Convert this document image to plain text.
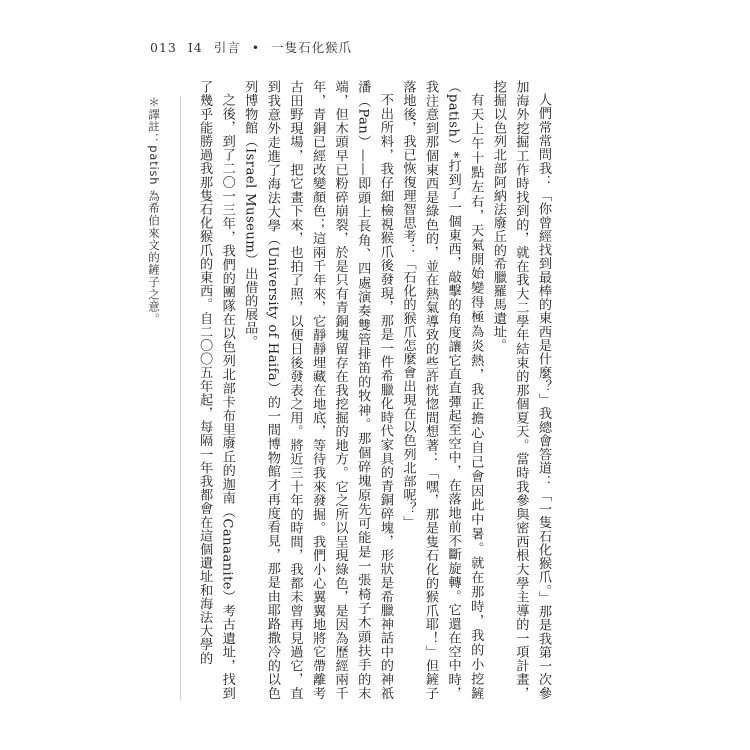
013 I4 引言 • 一隻石化猴爪

人們常常問我：「你曾經找到最棒的東西是什麼？」我總會答道：「一隻石化猴爪。」那是我第一次參加海外挖掘工作時找到的，就在我大二學年結束的那個夏天。當時我參與密西根大學主導的一項計畫，挖掘以色列北部阿納法廢丘的希臘羅馬遺址。

有天上午十點左右，天氣開始變得極為炎熱，我正擔心自己會因此中暑。就在那時，我的小挖鏟（patish）*打到了一個東西，敲擊的角度讓它直直彈起至空中，在落地前不斷旋轉。它還在空中時，我注意到那個東西是綠色的，並在熱氣導致的些許恍惚間想著：「嘿，那是隻石化的猴爪耶！」但鏟子落地後，我已恢復理智思考：「石化的猴爪怎麼會出現在以色列北部呢？」

不出所料，我仔細檢視猴爪後發現，那是一件希臘化時代家具的青銅碎塊，形狀是希臘神話中的神祇潘（Pan）——即頭上長角、四處演奏雙管排笛的牧神。那個碎塊原先可能是一張椅子木頭扶手的末端，但木頭早已粉碎崩裂，於是只有青銅塊留存在我挖掘的地方。它之所以呈現綠色，是因為歷經兩千年，青銅已經改變顏色；這兩千年來，它靜靜埋藏在地底，等待我來發掘。我們小心翼翼地將它帶離考古田野現場，把它畫下來，也拍了照，以便日後發表之用。將近三十年的時間，我都未曾再見過它，直到我意外走進了海法大學（University of Haifa）的一間博物館才再度看見，那是由耶路撒冷的以色列博物館（Israel Museum）出借的展品。

之後，到了二〇一三年，我們的團隊在以色列北部卡布里廢丘的迦南（Canaanite）考古遺址，找到了幾乎能勝過我那隻石化猴爪的東西。自二〇〇五年起，每隔一年我都會在這個遺址和海法大學的

＊譯註：patish 為希伯來文的鏟子之意。
